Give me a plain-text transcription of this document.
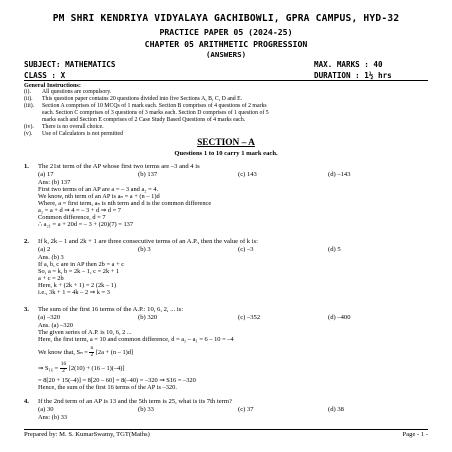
PM SHRI KENDRIYA VIDYALAYA GACHIBOWLI, GPRA CAMPUS, HYD-32
PRACTICE PAPER 05 (2024-25)
CHAPTER 05 ARITHMETIC PROGRESSION
(ANSWERS)
SUBJECT: MATHEMATICS	MAX. MARKS : 40
CLASS : X	DURATION : 1½ hrs
General Instructions:
(i). All questions are compulsory.
(ii). This question paper contains 20 questions divided into five Sections A, B, C, D and E.
(iii). Section A comprises of 10 MCQs of 1 mark each. Section B comprises of 4 questions of 2 marks
each. Section C comprises of 3 questions of 3 marks each. Section D comprises of 1 question of 5
marks each and Section E comprises of 2 Case Study Based Questions of 4 marks each.
(iv). There is no overall choice.
(v). Use of Calculators is not permitted
SECTION – A
Questions 1 to 10 carry 1 mark each.
1. The 21st term of the AP whose first two terms are –3 and 4 is
(a) 17	(b) 137	(c) 143	(d) –143
Ans: (b) 137
First two terms of an AP are a = – 3 and a₂ = 4.
We know, nth term of an AP is aₙ = a + (n – 1)d
Where, a = first term, aₙ is nth term and d is the common difference
a₂ = a + d ⇒ 4 = – 3 + d ⇒ d = 7
Common difference, d = 7
∴ a₂₁ = a + 20d = – 3 + (20)(7) = 137
2. If k, 2k – 1 and 2k + 1 are three consecutive terms of an A.P., then the value of k is:
(a) 2	(b) 3	(c) –3	(d) 5
Ans. (b) 3
If a, b, c are in AP then 2b = a + c
So, a = k, b = 2k – 1, c = 2k + 1
a + c = 2b
Here, k + (2k + 1) = 2 (2k – 1)
i.e., 3k + 1 = 4k – 2 ⇒ k = 3
3. The sum of the first 16 terms of the A.P.: 10, 6, 2, ... is:
(a) –320	(b) 320	(c) –352	(d) –400
Ans. (a) –320
The given series of A.P. is 10, 6, 2 ...
Here, the first term, a = 10 and common difference, d = a₂ – a₁ = 6 – 10 = –4
We know that, $S_n = \frac{n}{2} [2a + (n - 1)d]$
⇒ $S_{16} = \frac{16}{2} [2(10) + (16 - 1)(-4)]$
= 8[20 + 15(–4)] = 8[20 – 60] = 8(–40) = –320 ⇒ S16 = –320
Hence, the sum of the first 16 terms of the AP is –320.
4. If the 2nd term of an AP is 13 and the 5th term is 25, what is its 7th term?
(a) 30	(b) 33	(c) 37	(d) 38
Ans: (b) 33
Prepared by: M. S. KumarSwamy, TGT(Maths)	Page - 1 -
